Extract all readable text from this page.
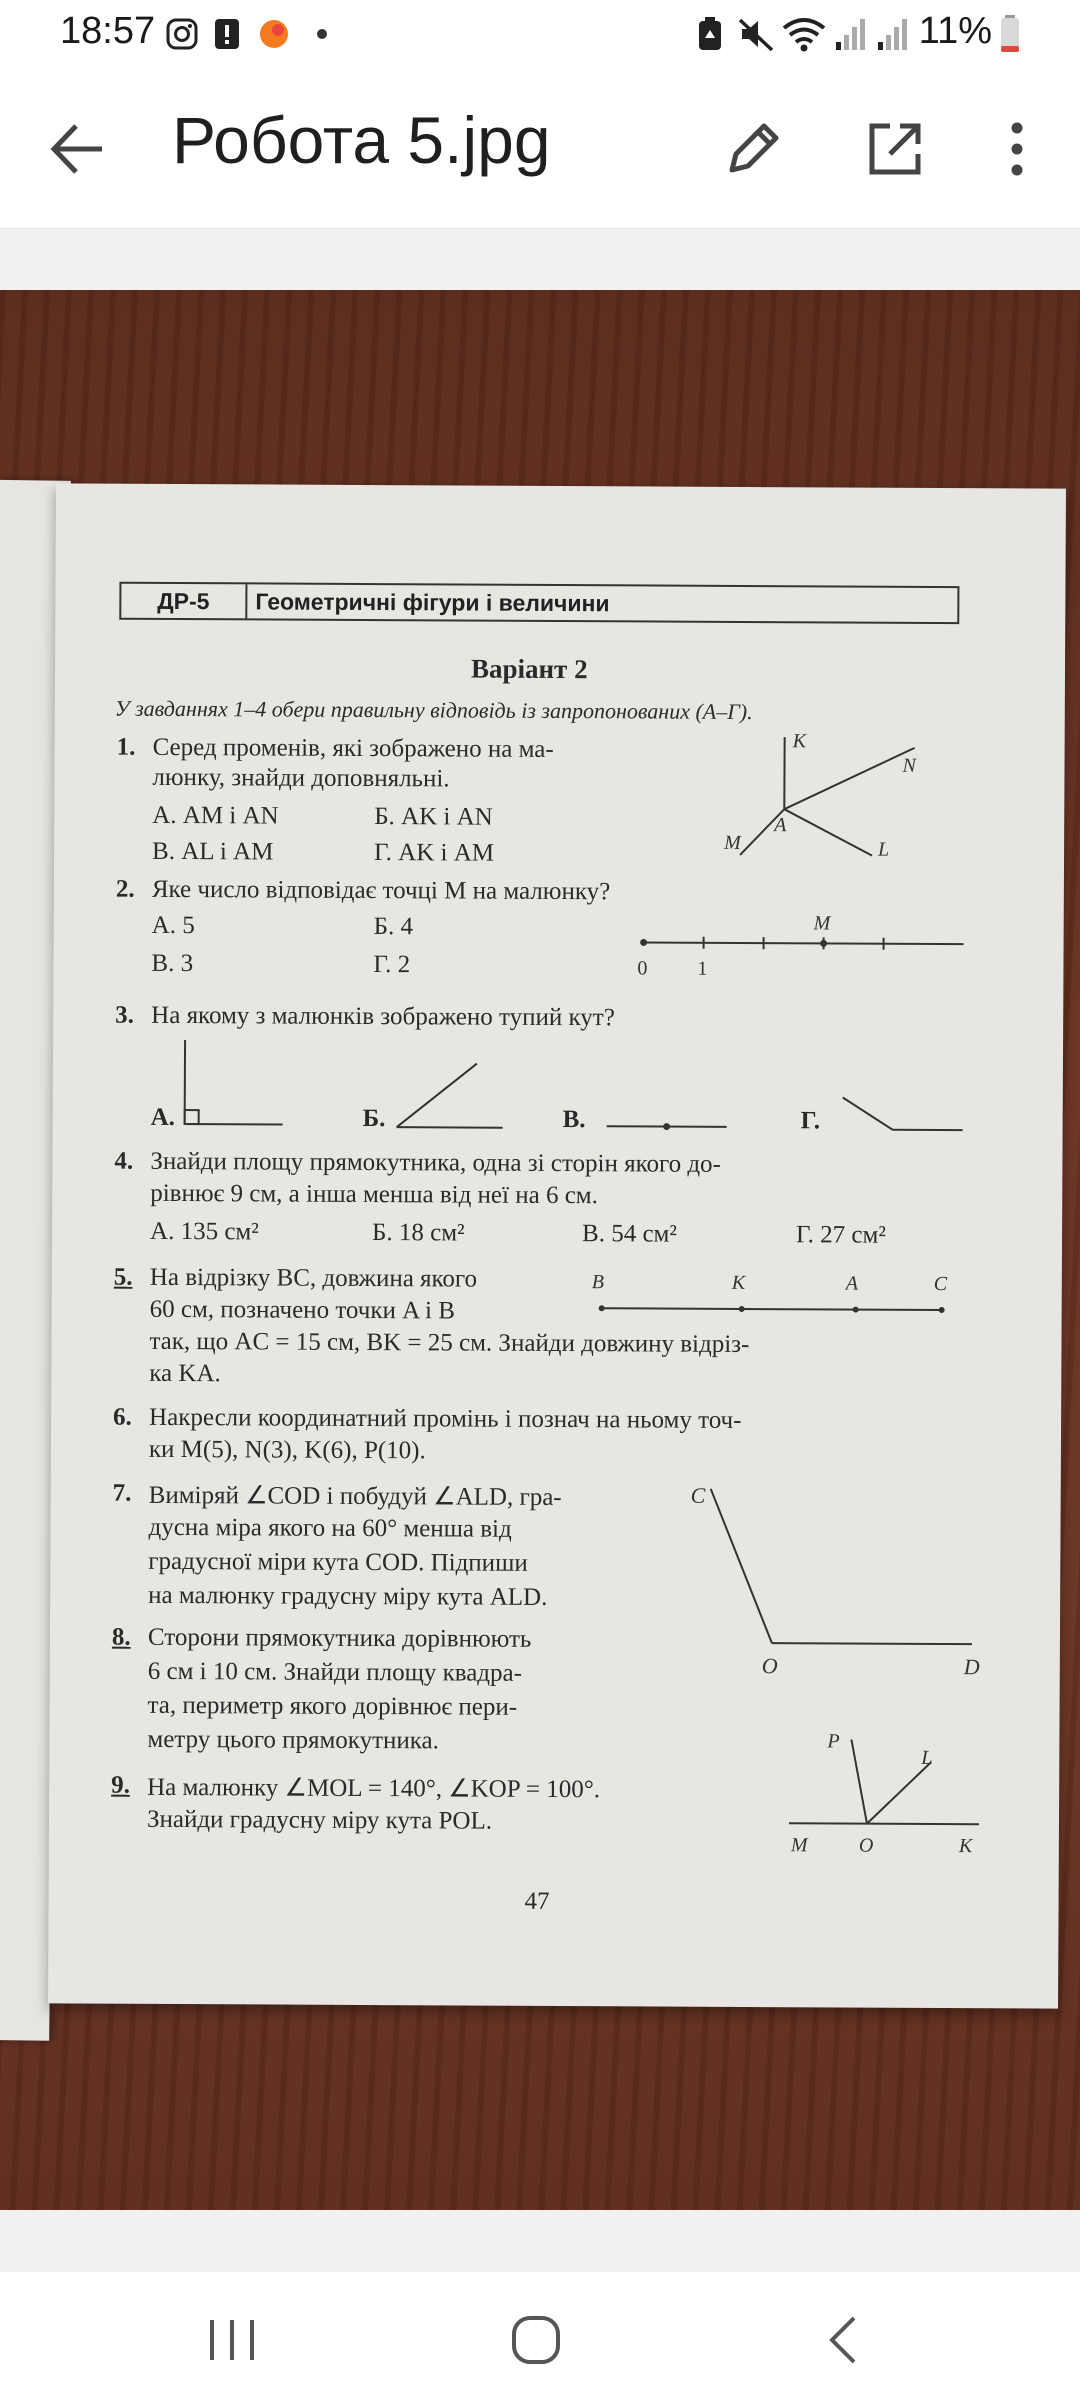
18:57	11%
Робота 5.jpg
ДР-5	Геометричні фігури і величини
Варіант 2
У завданнях 1–4 обери правильну відповідь із запропонованих (А–Г).
1. Серед променів, які зображено на ма-
люнку, знайди доповняльні.
А. AM і AN	Б. AK і AN
В. AL і AM	Г. AK і AM
K
N
A
M	L
2. Яке число відповідає точці M на малюнку?
А. 5	Б. 4
В. 3	Г. 2	0 1
M
3. На якому з малюнків зображено тупий кут?
А.	Б.	В.	Г.
4. Знайди площу прямокутника, одна зі сторін якого до-
рівнює 9 см, а інша менша від неї на 6 см.
А. 135 см²	Б. 18 см²	В. 54 см²	Г. 27 см²
5. На відрізку BC, довжина якого
60 см, позначено точки A і B
так, що AC = 15 см, BK = 25 см. Знайди довжину відріз-
ка KA.
B	K	A	C
6. Накресли координатний промінь і познач на ньому точ-
ки M(5), N(3), K(6), P(10).
7. Виміряй ∠COD і побудуй ∠ALD, гра-
дусна міра якого на 60° менша від
градусної міри кута COD. Підпиши
на малюнку градусну міру кута ALD.
C
O	D
8. Сторони прямокутника дорівнюють
6 см і 10 см. Знайди площу квадра-
та, периметр якого дорівнює пери-
метру цього прямокутника.
9. На малюнку ∠MOL = 140°, ∠KOP = 100°.
Знайди градусну міру кута POL.
P
L
M	O	K
47
